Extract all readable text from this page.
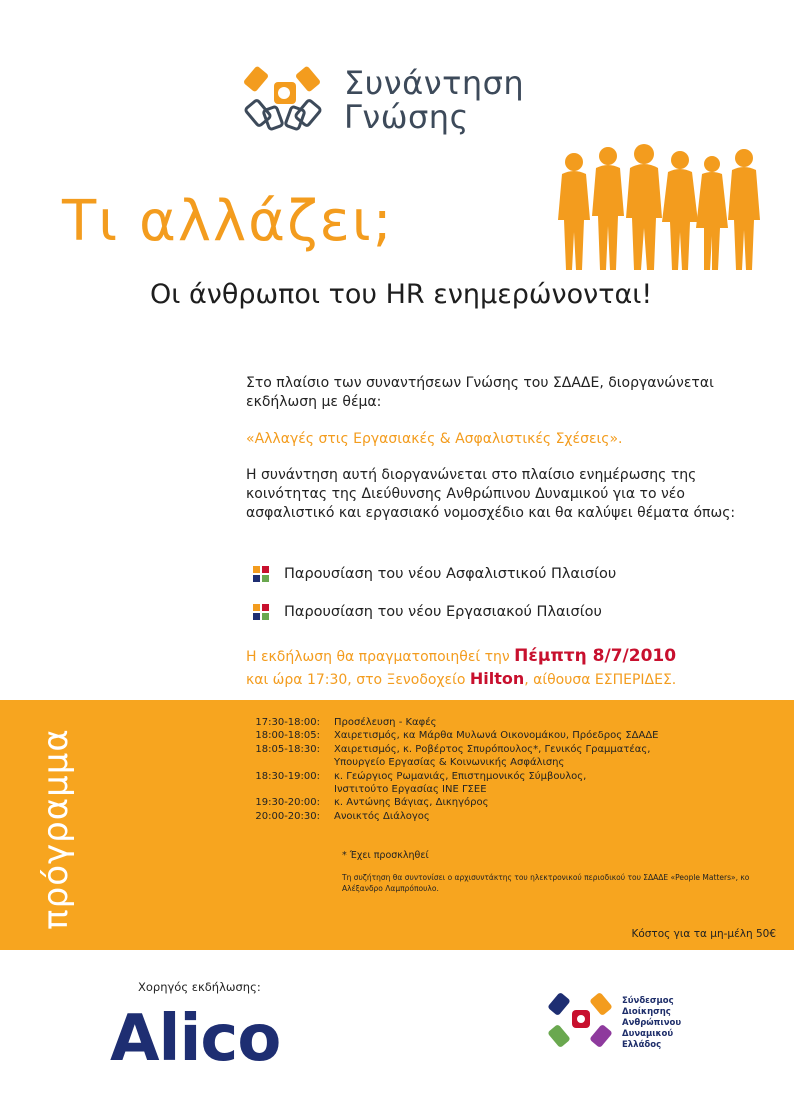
Συνάντηση
Γνώσης
Τι αλλάζει;
Οι άνθρωποι του HR ενημερώνονται!
Στο πλαίσιο των συναντήσεων Γνώσης του ΣΔΑΔΕ, διοργανώνεται εκδήλωση με θέμα:
«Αλλαγές στις Εργασιακές & Ασφαλιστικές Σχέσεις».
Η συνάντηση αυτή διοργανώνεται στο πλαίσιο ενημέρωσης της κοινότητας της Διεύθυνσης Ανθρώπινου Δυναμικού για το νέο ασφαλιστικό και εργασιακό νομοσχέδιο και θα καλύψει θέματα όπως:
Παρουσίαση του νέου Ασφαλιστικού Πλαισίου
Παρουσίαση του νέου Εργασιακού Πλαισίου
Η εκδήλωση θα πραγματοποιηθεί την Πέμπτη 8/7/2010
και ώρα 17:30, στο Ξενοδοχείο Hilton, αίθουσα ΕΣΠΕΡΙΔΕΣ.
πρόγραμμα
17:30-18:00:	Προσέλευση - Καφές
18:00-18:05:	Χαιρετισμός, κα Μάρθα Μυλωνά Οικονομάκου, Πρόεδρος ΣΔΑΔΕ
18:05-18:30:	Χαιρετισμός, κ. Ροβέρτος Σπυρόπουλος*, Γενικός Γραμματέας,
Υπουργείο Εργασίας & Κοινωνικής Ασφάλισης
18:30-19:00:	κ. Γεώργιος Ρωμανιάς, Επιστημονικός Σύμβουλος,
Ινστιτούτο Εργασίας ΙΝΕ ΓΣΕΕ
19:30-20:00:	κ. Αντώνης Βάγιας, Δικηγόρος
20:00-20:30:	Ανοικτός Διάλογος
* Έχει προσκληθεί
Τη συζήτηση θα συντονίσει ο αρχισυντάκτης του ηλεκτρονικού περιοδικού του ΣΔΑΔΕ «People Matters», κο Αλέξανδρο Λαμπρόπουλο.
Κόστος για τα μη-μέλη 50€
Χορηγός εκδήλωσης:
Alico
Σύνδεσμος
Διοίκησης
Ανθρώπινου
Δυναμικού
Ελλάδος
